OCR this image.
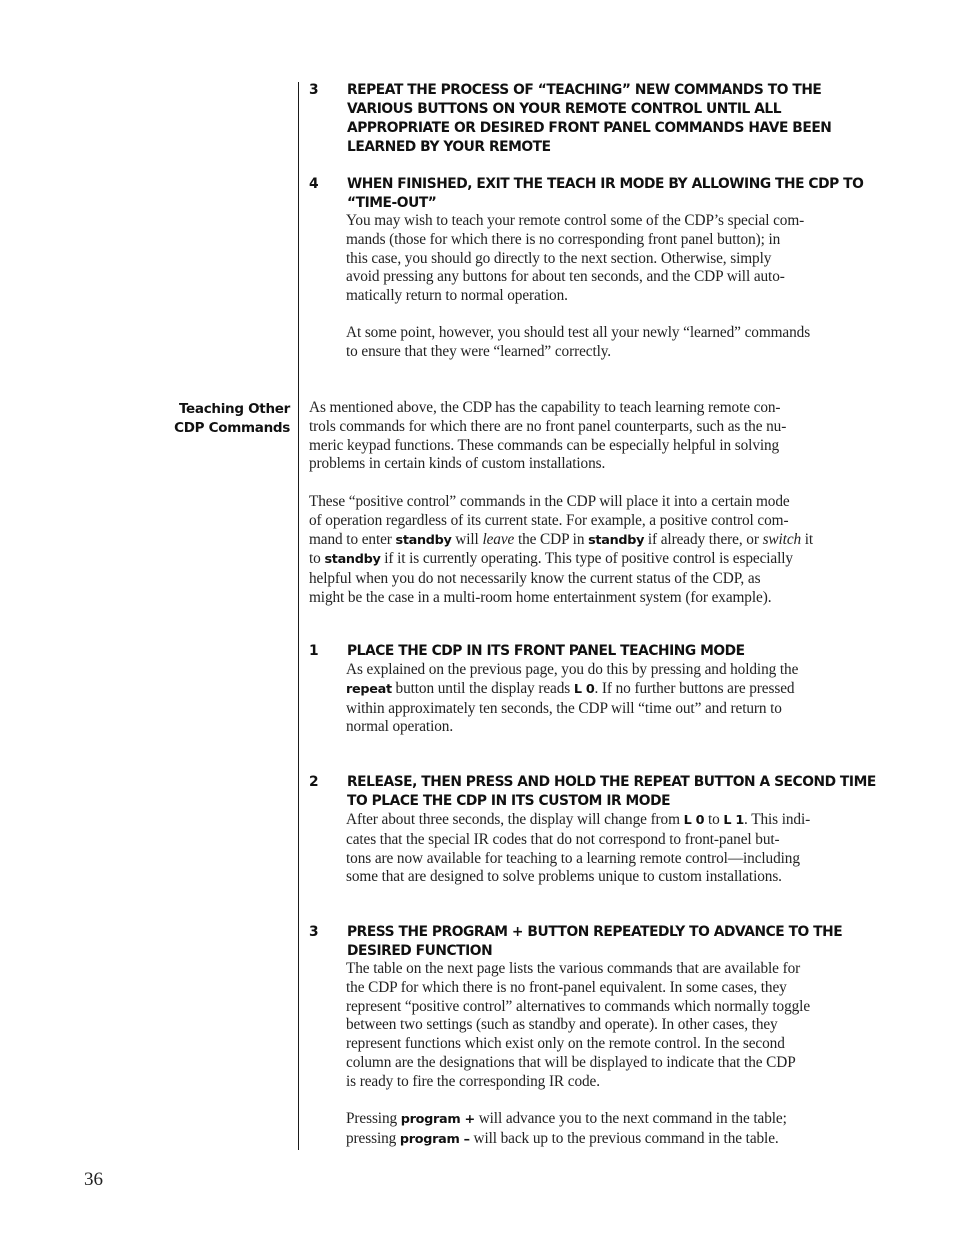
3 REPEAT THE PROCESS OF “TEACHING” NEW COMMANDS TO THE
VARIOUS BUTTONS ON YOUR REMOTE CONTROL UNTIL ALL
APPROPRIATE OR DESIRED FRONT PANEL COMMANDS HAVE BEEN
LEARNED BY YOUR REMOTE
4 WHEN FINISHED, EXIT THE TEACH IR MODE BY ALLOWING THE CDP TO
“TIME-OUT”
You may wish to teach your remote control some of the CDP’s special com-
mands (those for which there is no corresponding front panel button); in
this case, you should go directly to the next section. Otherwise, simply
avoid pressing any buttons for about ten seconds, and the CDP will auto-
matically return to normal operation.
At some point, however, you should test all your newly “learned” commands
to ensure that they were “learned” correctly.
Teaching Other
CDP Commands
As mentioned above, the CDP has the capability to teach learning remote con-
trols commands for which there are no front panel counterparts, such as the nu-
meric keypad functions. These commands can be especially helpful in solving
problems in certain kinds of custom installations.
These “positive control” commands in the CDP will place it into a certain mode
of operation regardless of its current state. For example, a positive control com-
mand to enter standby will leave the CDP in standby if already there, or switch it
to standby if it is currently operating. This type of positive control is especially
helpful when you do not necessarily know the current status of the CDP, as
might be the case in a multi-room home entertainment system (for example).
1 PLACE THE CDP IN ITS FRONT PANEL TEACHING MODE
As explained on the previous page, you do this by pressing and holding the
repeat button until the display reads L 0. If no further buttons are pressed
within approximately ten seconds, the CDP will “time out” and return to
normal operation.
2 RELEASE, THEN PRESS AND HOLD THE REPEAT BUTTON A SECOND TIME
TO PLACE THE CDP IN ITS CUSTOM IR MODE
After about three seconds, the display will change from L 0 to L 1. This indi-
cates that the special IR codes that do not correspond to front-panel but-
tons are now available for teaching to a learning remote control—including
some that are designed to solve problems unique to custom installations.
3 PRESS THE PROGRAM + BUTTON REPEATEDLY TO ADVANCE TO THE
DESIRED FUNCTION
The table on the next page lists the various commands that are available for
the CDP for which there is no front-panel equivalent. In some cases, they
represent “positive control” alternatives to commands which normally toggle
between two settings (such as standby and operate). In other cases, they
represent functions which exist only on the remote control. In the second
column are the designations that will be displayed to indicate that the CDP
is ready to fire the corresponding IR code.
Pressing program + will advance you to the next command in the table;
pressing program – will back up to the previous command in the table.
36
